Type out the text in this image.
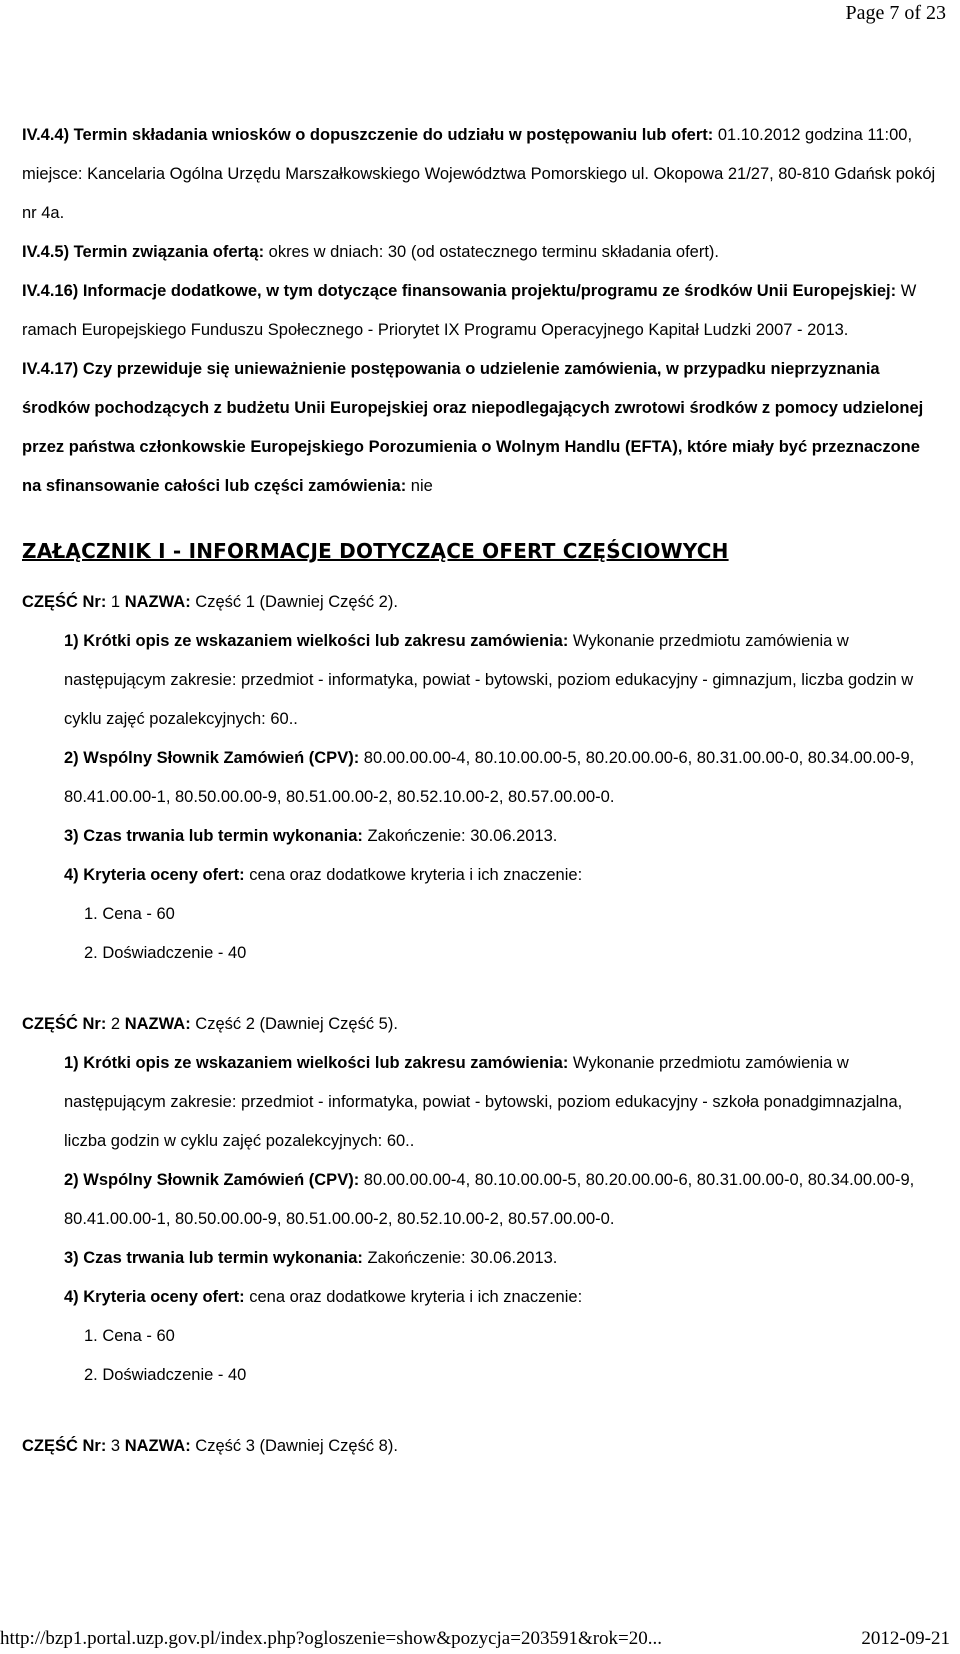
Page 7 of 23

IV.4.4) Termin składania wniosków o dopuszczenie do udziału w postępowaniu lub ofert: 01.10.2012 godzina 11:00, miejsce: Kancelaria Ogólna Urzędu Marszałkowskiego Województwa Pomorskiego ul. Okopowa 21/27, 80-810 Gdańsk pokój nr 4a.

IV.4.5) Termin związania ofertą: okres w dniach: 30 (od ostatecznego terminu składania ofert).

IV.4.16) Informacje dodatkowe, w tym dotyczące finansowania projektu/programu ze środków Unii Europejskiej: W ramach Europejskiego Funduszu Społecznego - Priorytet IX Programu Operacyjnego Kapitał Ludzki 2007 - 2013.

IV.4.17) Czy przewiduje się unieważnienie postępowania o udzielenie zamówienia, w przypadku nieprzyznania środków pochodzących z budżetu Unii Europejskiej oraz niepodlegających zwrotowi środków z pomocy udzielonej przez państwa członkowskie Europejskiego Porozumienia o Wolnym Handlu (EFTA), które miały być przeznaczone na sfinansowanie całości lub części zamówienia: nie

ZAŁĄCZNIK I - INFORMACJE DOTYCZĄCE OFERT CZĘŚCIOWYCH

CZĘŚĆ Nr: 1 NAZWA: Część 1 (Dawniej Część 2).

1) Krótki opis ze wskazaniem wielkości lub zakresu zamówienia: Wykonanie przedmiotu zamówienia w następującym zakresie: przedmiot - informatyka, powiat - bytowski, poziom edukacyjny - gimnazjum, liczba godzin w cyklu zajęć pozalekcyjnych: 60..

2) Wspólny Słownik Zamówień (CPV): 80.00.00.00-4, 80.10.00.00-5, 80.20.00.00-6, 80.31.00.00-0, 80.34.00.00-9, 80.41.00.00-1, 80.50.00.00-9, 80.51.00.00-2, 80.52.10.00-2, 80.57.00.00-0.

3) Czas trwania lub termin wykonania: Zakończenie: 30.06.2013.

4) Kryteria oceny ofert: cena oraz dodatkowe kryteria i ich znaczenie:

1. Cena - 60

2. Doświadczenie - 40

CZĘŚĆ Nr: 2 NAZWA: Część 2 (Dawniej Część 5).

1) Krótki opis ze wskazaniem wielkości lub zakresu zamówienia: Wykonanie przedmiotu zamówienia w następującym zakresie: przedmiot - informatyka, powiat - bytowski, poziom edukacyjny - szkoła ponadgimnazjalna, liczba godzin w cyklu zajęć pozalekcyjnych: 60..

2) Wspólny Słownik Zamówień (CPV): 80.00.00.00-4, 80.10.00.00-5, 80.20.00.00-6, 80.31.00.00-0, 80.34.00.00-9, 80.41.00.00-1, 80.50.00.00-9, 80.51.00.00-2, 80.52.10.00-2, 80.57.00.00-0.

3) Czas trwania lub termin wykonania: Zakończenie: 30.06.2013.

4) Kryteria oceny ofert: cena oraz dodatkowe kryteria i ich znaczenie:

1. Cena - 60

2. Doświadczenie - 40

CZĘŚĆ Nr: 3 NAZWA: Część 3 (Dawniej Część 8).

http://bzp1.portal.uzp.gov.pl/index.php?ogloszenie=show&pozycja=203591&rok=20...	2012-09-21
